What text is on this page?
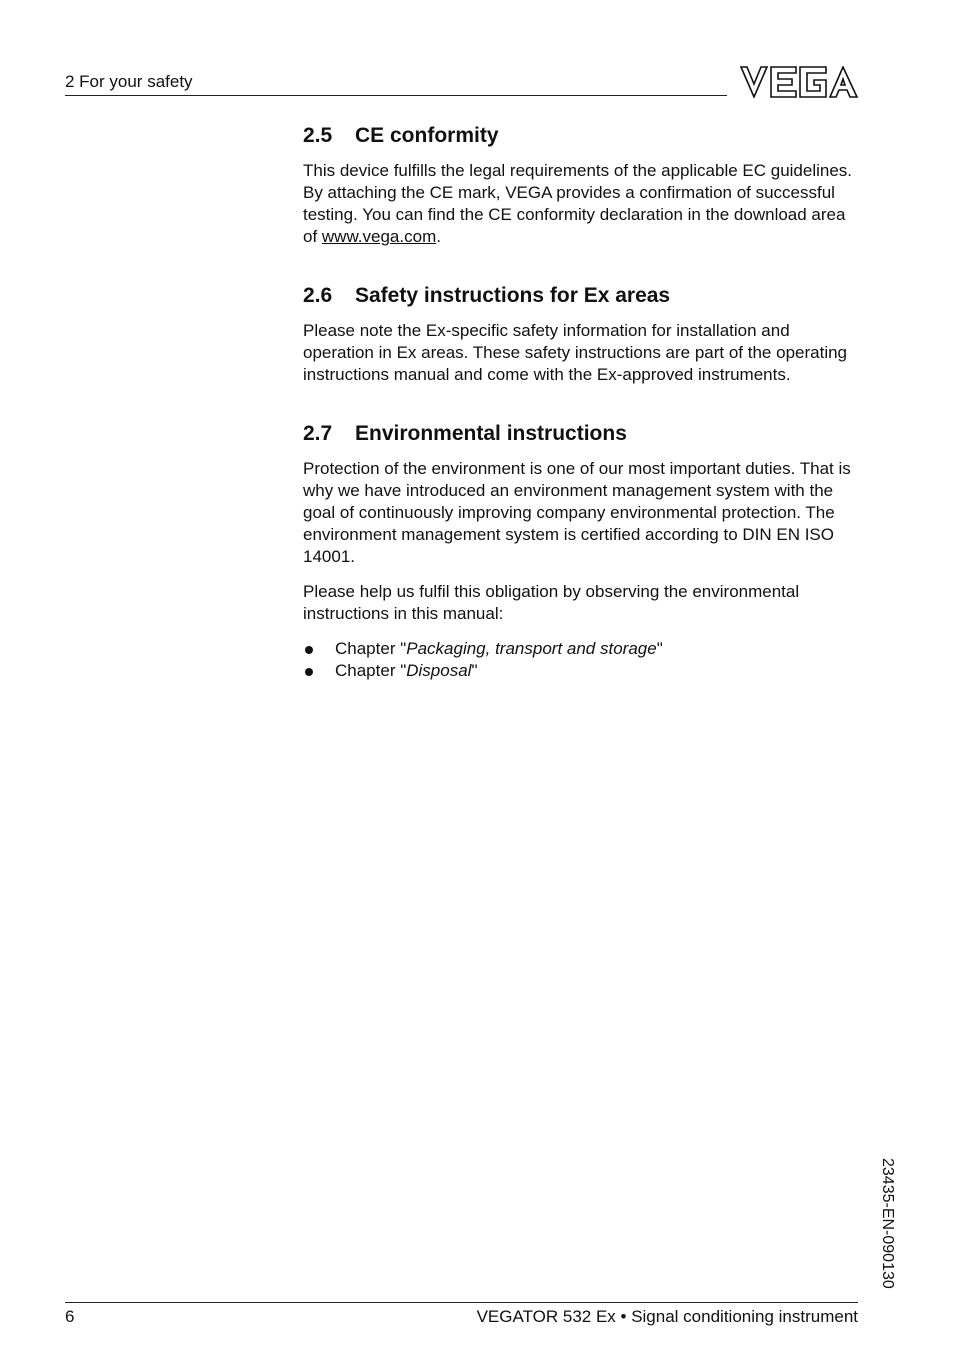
2 For your safety
2.5 CE conformity

This device fulfills the legal requirements of the applicable EC guidelines. By attaching the CE mark, VEGA provides a confirmation of successful testing. You can find the CE conformity declaration in the download area of www.vega.com.

2.6 Safety instructions for Ex areas

Please note the Ex-specific safety information for installation and operation in Ex areas. These safety instructions are part of the operating instructions manual and come with the Ex-approved instruments.

2.7 Environmental instructions

Protection of the environment is one of our most important duties. That is why we have introduced an environment management system with the goal of continuously improving company environmental protection. The environment management system is certified according to DIN EN ISO 14001.

Please help us fulfil this obligation by observing the environmental instructions in this manual:

Chapter "Packaging, transport and storage"
Chapter "Disposal"
23435-EN-090130
6	VEGATOR 532 Ex • Signal conditioning instrument
